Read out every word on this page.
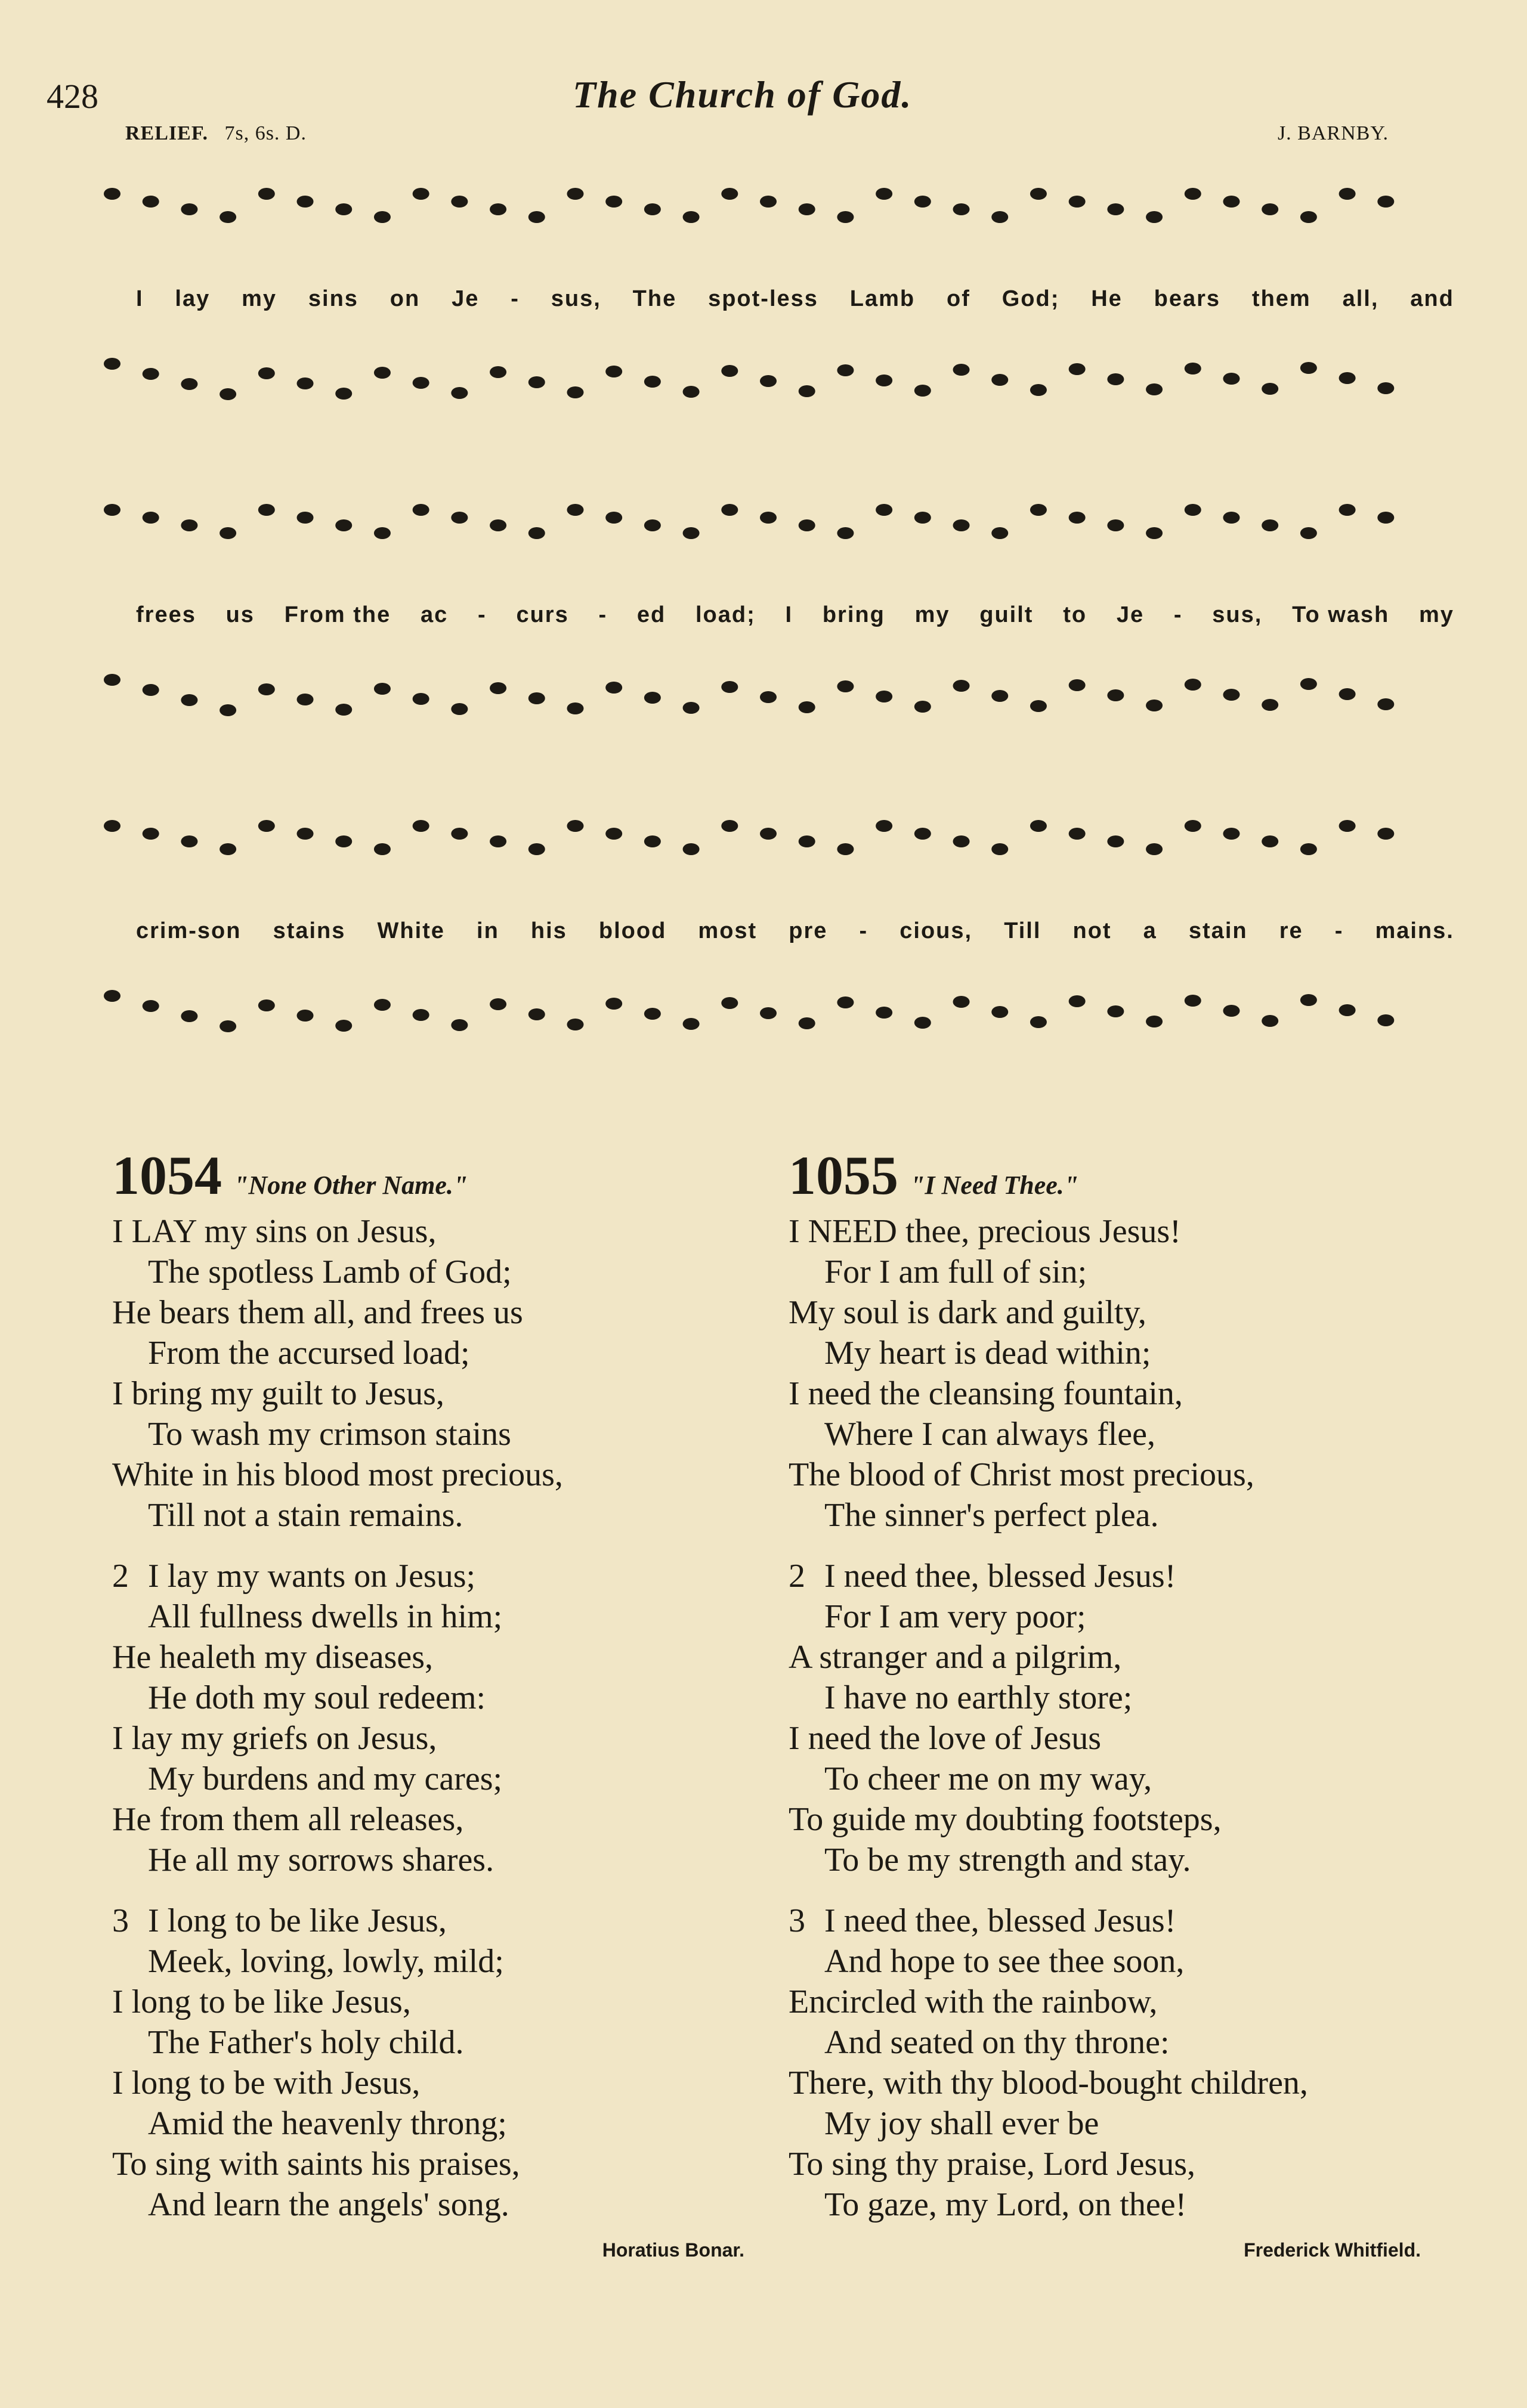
428	The Church of God.
RELIEF. 7s, 6s. D.	J. BARNBY.
I lay my sins on Je - sus, The spot-less Lamb of God; He bears them all, and
frees us From the ac - curs - ed load; I bring my guilt to Je - sus, To wash my
crim-son stains White in his blood most pre - cious, Till not a stain re - mains.
1054 "None Other Name."
I LAY my sins on Jesus,
The spotless Lamb of God;
He bears them all, and frees us
From the accursed load;
I bring my guilt to Jesus,
To wash my crimson stains
White in his blood most precious,
Till not a stain remains.
2 I lay my wants on Jesus;
All fullness dwells in him;
He healeth my diseases,
He doth my soul redeem:
I lay my griefs on Jesus,
My burdens and my cares;
He from them all releases,
He all my sorrows shares.
3 I long to be like Jesus,
Meek, loving, lowly, mild;
I long to be like Jesus,
The Father's holy child.
I long to be with Jesus,
Amid the heavenly throng;
To sing with saints his praises,
And learn the angels' song.
Horatius Bonar.
1055 "I Need Thee."
I NEED thee, precious Jesus!
For I am full of sin;
My soul is dark and guilty,
My heart is dead within;
I need the cleansing fountain,
Where I can always flee,
The blood of Christ most precious,
The sinner's perfect plea.
2 I need thee, blessed Jesus!
For I am very poor;
A stranger and a pilgrim,
I have no earthly store;
I need the love of Jesus
To cheer me on my way,
To guide my doubting footsteps,
To be my strength and stay.
3 I need thee, blessed Jesus!
And hope to see thee soon,
Encircled with the rainbow,
And seated on thy throne:
There, with thy blood-bought children,
My joy shall ever be
To sing thy praise, Lord Jesus,
To gaze, my Lord, on thee!
Frederick Whitfield.
